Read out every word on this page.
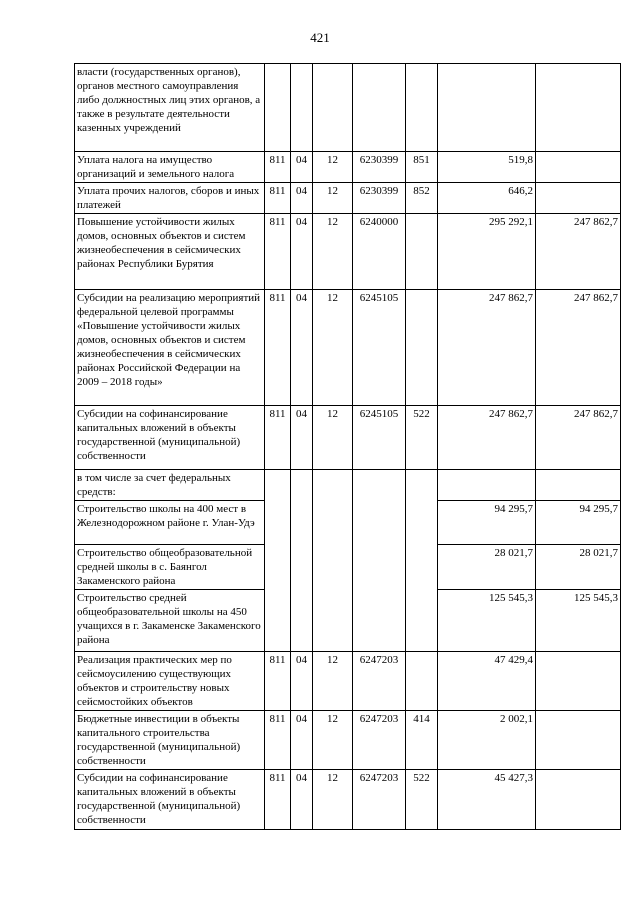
421
власти (государственных органов), органов местного самоуправления либо должностных лиц этих органов, а также в результате деятельности казенных учреждений							
Уплата налога на имущество организаций и земельного налога	811	04	12	6230399	851	519,8	
Уплата прочих налогов, сборов и иных платежей	811	04	12	6230399	852	646,2	
Повышение устойчивости жилых домов, основных объектов и систем жизнеобеспечения в сейсмических районах Республики Бурятия	811	04	12	6240000		295 292,1	247 862,7
Субсидии на реализацию мероприятий федеральной целевой программы «Повышение устойчивости жилых домов, основных объектов и систем жизнеобеспечения в сейсмических районах Российской Федерации на 2009 – 2018 годы»	811	04	12	6245105		247 862,7	247 862,7
Субсидии на софинансирование капитальных вложений в объекты государственной (муниципальной) собственности	811	04	12	6245105	522	247 862,7	247 862,7
в том числе за счет федеральных средств:							
Строительство школы на 400 мест в Железнодорожном районе г. Улан-Удэ						94 295,7	94 295,7
Строительство общеобразовательной средней школы в с. Баянгол Закаменского района						28 021,7	28 021,7
Строительство средней общеобразовательной школы на 450 учащихся в г. Закаменске Закаменского района						125 545,3	125 545,3
Реализация практических мер по сейсмоусилению существующих объектов и строительству новых сейсмостойких объектов	811	04	12	6247203		47 429,4	
Бюджетные инвестиции в объекты капитального строительства государственной (муниципальной) собственности	811	04	12	6247203	414	2 002,1	
Субсидии на софинансирование капитальных вложений в объекты государственной (муниципальной) собственности	811	04	12	6247203	522	45 427,3	
